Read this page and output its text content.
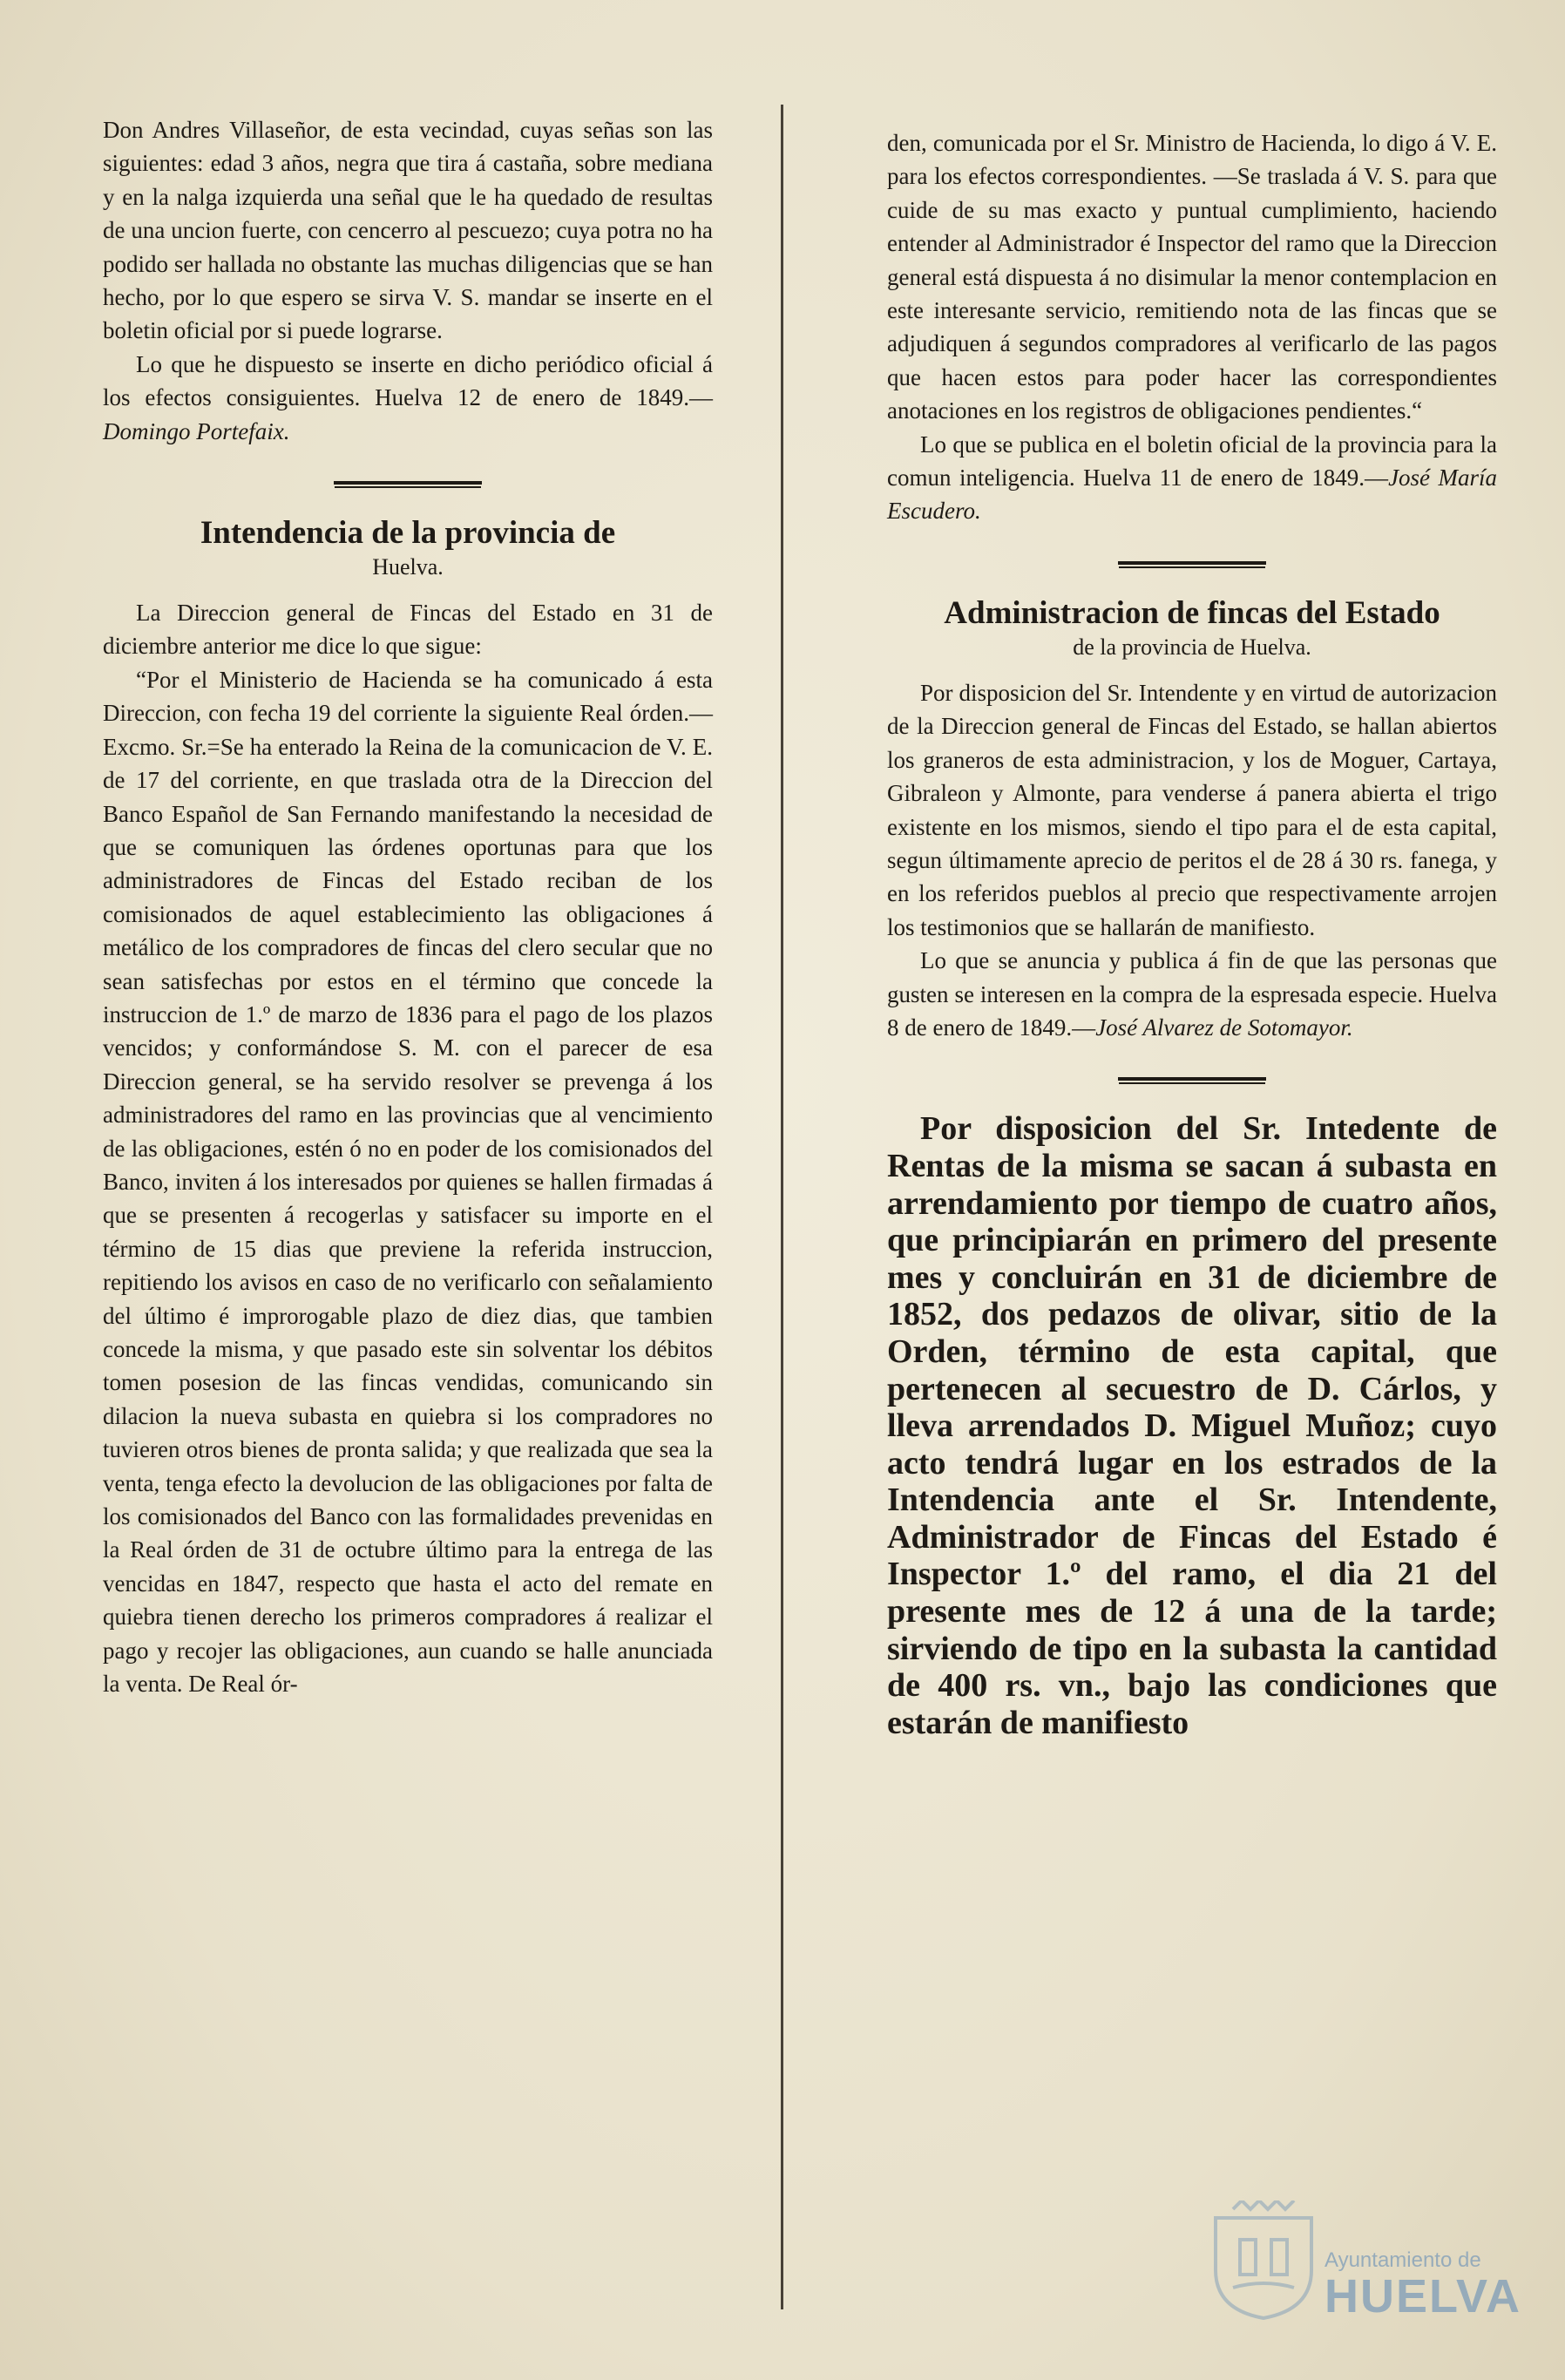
Don Andres Villaseñor, de esta vecindad, cuyas señas son las siguientes: edad 3 años, negra que tira á castaña, sobre mediana y en la nalga izquierda una señal que le ha quedado de resultas de una uncion fuerte, con cencerro al pescuezo; cuya potra no ha podido ser hallada no obstante las muchas diligencias que se han hecho, por lo que espero se sirva V. S. mandar se inserte en el boletin oficial por si puede lograrse.

Lo que he dispuesto se inserte en dicho periódico oficial á los efectos consiguientes. Huelva 12 de enero de 1849.—Domingo Portefaix.

Intendencia de la provincia de
Huelva.

La Direccion general de Fincas del Estado en 31 de diciembre anterior me dice lo que sigue:

“Por el Ministerio de Hacienda se ha comunicado á esta Direccion, con fecha 19 del corriente la siguiente Real órden.— Excmo. Sr.=Se ha enterado la Reina de la comunicacion de V. E. de 17 del corriente, en que traslada otra de la Direccion del Banco Español de San Fernando manifestando la necesidad de que se comuniquen las órdenes oportunas para que los administradores de Fincas del Estado reciban de los comisionados de aquel establecimiento las obligaciones á metálico de los compradores de fincas del clero secular que no sean satisfechas por estos en el término que concede la instruccion de 1.º de marzo de 1836 para el pago de los plazos vencidos; y conformándose S. M. con el parecer de esa Direccion general, se ha servido resolver se prevenga á los administradores del ramo en las provincias que al vencimiento de las obligaciones, estén ó no en poder de los comisionados del Banco, inviten á los interesados por quienes se hallen firmadas á que se presenten á recogerlas y satisfacer su importe en el término de 15 dias que previene la referida instruccion, repitiendo los avisos en caso de no verificarlo con señalamiento del último é improrogable plazo de diez dias, que tambien concede la misma, y que pasado este sin solventar los débitos tomen posesion de las fincas vendidas, comunicando sin dilacion la nueva subasta en quiebra si los compradores no tuvieren otros bienes de pronta salida; y que realizada que sea la venta, tenga efecto la devolucion de las obligaciones por falta de los comisionados del Banco con las formalidades prevenidas en la Real órden de 31 de octubre último para la entrega de las vencidas en 1847, respecto que hasta el acto del remate en quiebra tienen derecho los primeros compradores á realizar el pago y recojer las obligaciones, aun cuando se halle anunciada la venta. De Real ór-

den, comunicada por el Sr. Ministro de Hacienda, lo digo á V. E. para los efectos correspondientes. —Se traslada á V. S. para que cuide de su mas exacto y puntual cumplimiento, haciendo entender al Administrador é Inspector del ramo que la Direccion general está dispuesta á no disimular la menor contemplacion en este interesante servicio, remitiendo nota de las fincas que se adjudiquen á segundos compradores al verificarlo de las pagos que hacen estos para poder hacer las correspondientes anotaciones en los registros de obligaciones pendientes.“

Lo que se publica en el boletin oficial de la provincia para la comun inteligencia. Huelva 11 de enero de 1849.—José María Escudero.

Administracion de fincas del Estado
de la provincia de Huelva.

Por disposicion del Sr. Intendente y en virtud de autorizacion de la Direccion general de Fincas del Estado, se hallan abiertos los graneros de esta administracion, y los de Moguer, Cartaya, Gibraleon y Almonte, para venderse á panera abierta el trigo existente en los mismos, siendo el tipo para el de esta capital, segun últimamente aprecio de peritos el de 28 á 30 rs. fanega, y en los referidos pueblos al precio que respectivamente arrojen los testimonios que se hallarán de manifiesto.

Lo que se anuncia y publica á fin de que las personas que gusten se interesen en la compra de la espresada especie. Huelva 8 de enero de 1849.—José Alvarez de Sotomayor.

Por disposicion del Sr. Intedente de Rentas de la misma se sacan á subasta en arrendamiento por tiempo de cuatro años, que principiarán en primero del presente mes y concluirán en 31 de diciembre de 1852, dos pedazos de olivar, sitio de la Orden, término de esta capital, que pertenecen al secuestro de D. Cárlos, y lleva arrendados D. Miguel Muñoz; cuyo acto tendrá lugar en los estrados de la Intendencia ante el Sr. Intendente, Administrador de Fincas del Estado é Inspector 1.º del ramo, el dia 21 del presente mes de 12 á una de la tarde; sirviendo de tipo en la subasta la cantidad de 400 rs. vn., bajo las condiciones que estarán de manifiesto

Ayuntamiento de
HUELVA
